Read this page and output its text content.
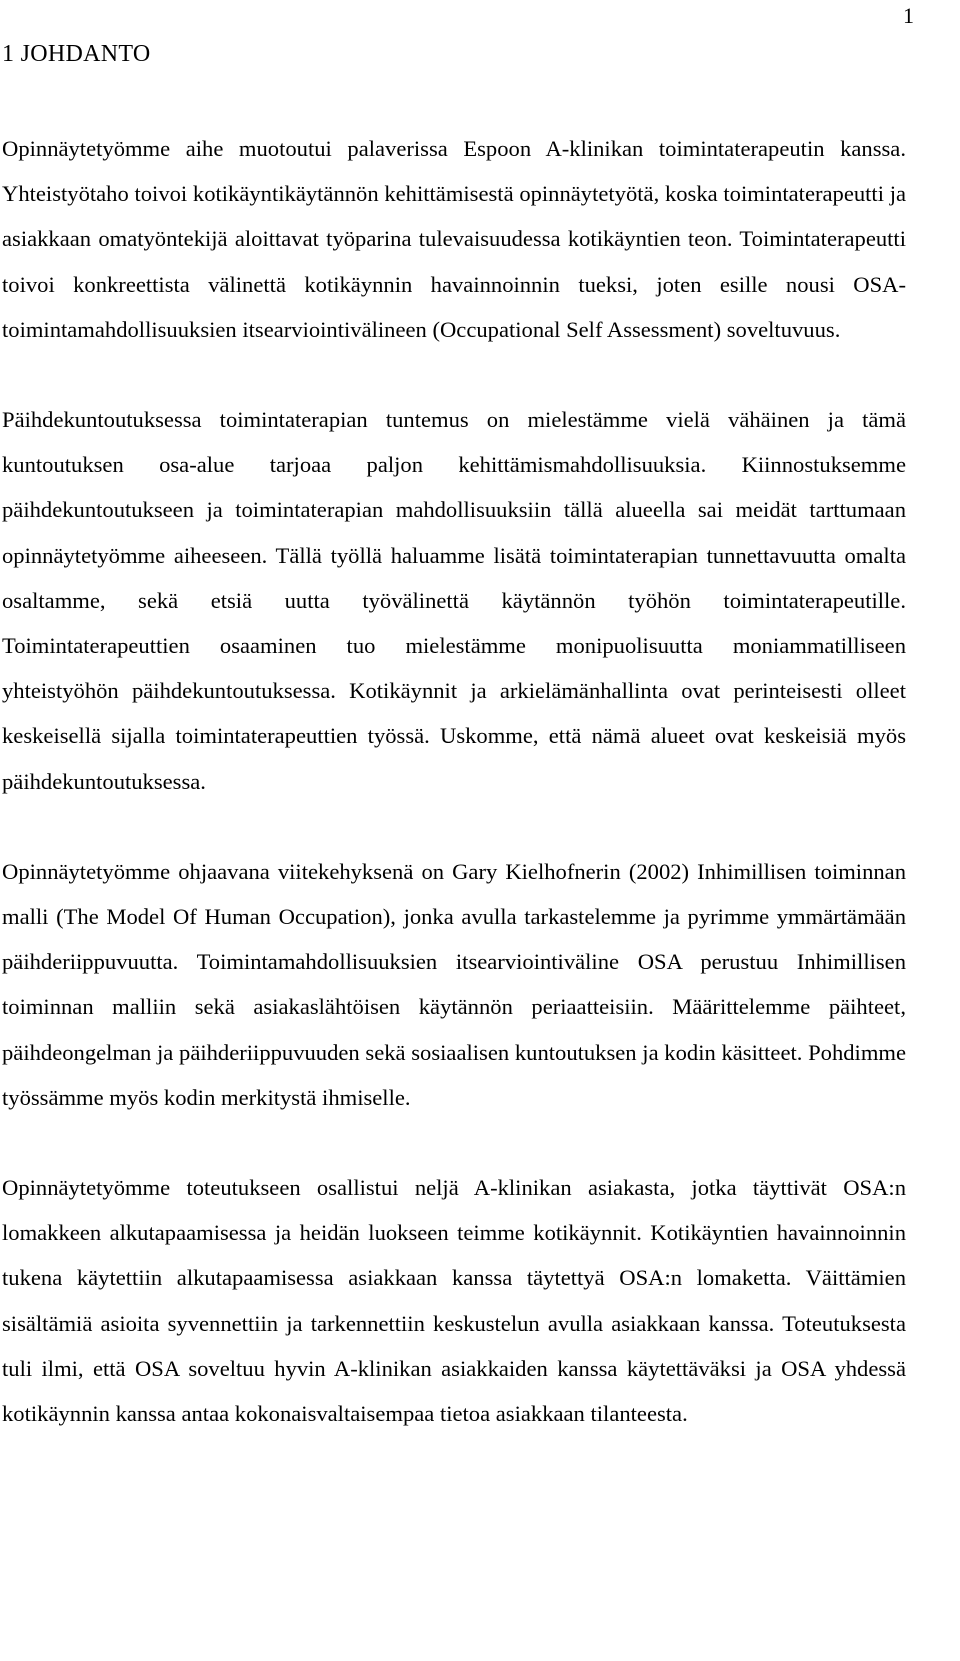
1
1 JOHDANTO

Opinnäytetyömme aihe muotoutui palaverissa Espoon A-klinikan toimintaterapeutin kanssa. Yhteistyötaho toivoi kotikäyntikäytännön kehittämisestä opinnäytetyötä, koska toimintaterapeutti ja asiakkaan omatyöntekijä aloittavat työparina tulevaisuudessa kotikäyntien teon. Toimintaterapeutti toivoi konkreettista välinettä kotikäynnin havainnoinnin tueksi, joten esille nousi OSA- toimintamahdollisuuksien itsearviointivälineen (Occupational Self Assessment) soveltuvuus.

Päihdekuntoutuksessa toimintaterapian tuntemus on mielestämme vielä vähäinen ja tämä kuntoutuksen osa-alue tarjoaa paljon kehittämismahdollisuuksia. Kiinnostuksemme päihdekuntoutukseen ja toimintaterapian mahdollisuuksiin tällä alueella sai meidät tarttumaan opinnäytetyömme aiheeseen. Tällä työllä haluamme lisätä toimintaterapian tunnettavuutta omalta osaltamme, sekä etsiä uutta työvälinettä käytännön työhön toimintaterapeutille. Toimintaterapeuttien osaaminen tuo mielestämme monipuolisuutta moniammatilliseen yhteistyöhön päihdekuntoutuksessa. Kotikäynnit ja arkielämänhallinta ovat perinteisesti olleet keskeisellä sijalla toimintaterapeuttien työssä. Uskomme, että nämä alueet ovat keskeisiä myös päihdekuntoutuksessa.

Opinnäytetyömme ohjaavana viitekehyksenä on Gary Kielhofnerin (2002) Inhimillisen toiminnan malli (The Model Of Human Occupation), jonka avulla tarkastelemme ja pyrimme ymmärtämään päihderiippuvuutta. Toimintamahdollisuuksien itsearviointiväline OSA perustuu Inhimillisen toiminnan malliin sekä asiakaslähtöisen käytännön periaatteisiin. Määrittelemme päihteet, päihdeongelman ja päihderiippuvuuden sekä sosiaalisen kuntoutuksen ja kodin käsitteet. Pohdimme työssämme myös kodin merkitystä ihmiselle.

Opinnäytetyömme toteutukseen osallistui neljä A-klinikan asiakasta, jotka täyttivät OSA:n lomakkeen alkutapaamisessa ja heidän luokseen teimme kotikäynnit. Kotikäyntien havainnoinnin tukena käytettiin alkutapaamisessa asiakkaan kanssa täytettyä OSA:n lomaketta. Väittämien sisältämiä asioita syvennettiin ja tarkennettiin keskustelun avulla asiakkaan kanssa. Toteutuksesta tuli ilmi, että OSA soveltuu hyvin A-klinikan asiakkaiden kanssa käytettäväksi ja OSA yhdessä kotikäynnin kanssa antaa kokonaisvaltaisempaa tietoa asiakkaan tilanteesta.
